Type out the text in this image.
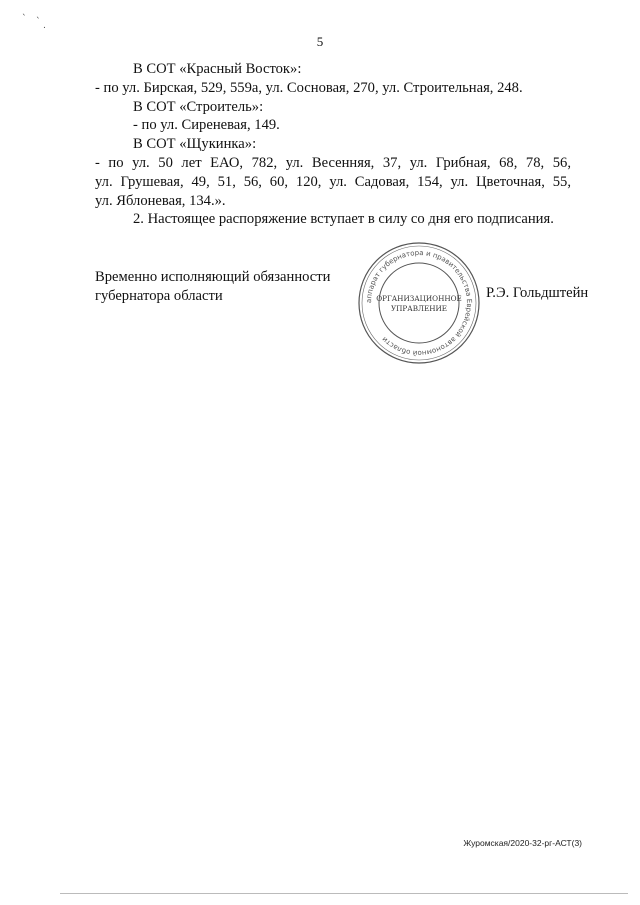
` ` .
5

В СОТ «Красный Восток»:

- по ул. Бирская, 529, 559а, ул. Сосновая, 270, ул. Строительная, 248.

В СОТ «Строитель»:

- по ул. Сиреневая, 149.

В СОТ «Щукинка»:

- по ул. 50 лет ЕАО, 782, ул. Весенняя, 37, ул. Грибная, 68, 78, 56,

ул. Грушевая, 49, 51, 56, 60, 120, ул. Садовая, 154, ул. Цветочная, 55,

ул. Яблоневая, 134.».

2. Настоящее распоряжение вступает в силу со дня его подписания.

Временно исполняющий обязанности
губернатора области	аппарат губернатора и правительства Еврейской автономной области
ОРГАНИЗАЦИОННОЕ
УПРАВЛЕНИЕ
Р.Э. Гольдштейн
Журомская/2020-32-рг-АСТ(3)
